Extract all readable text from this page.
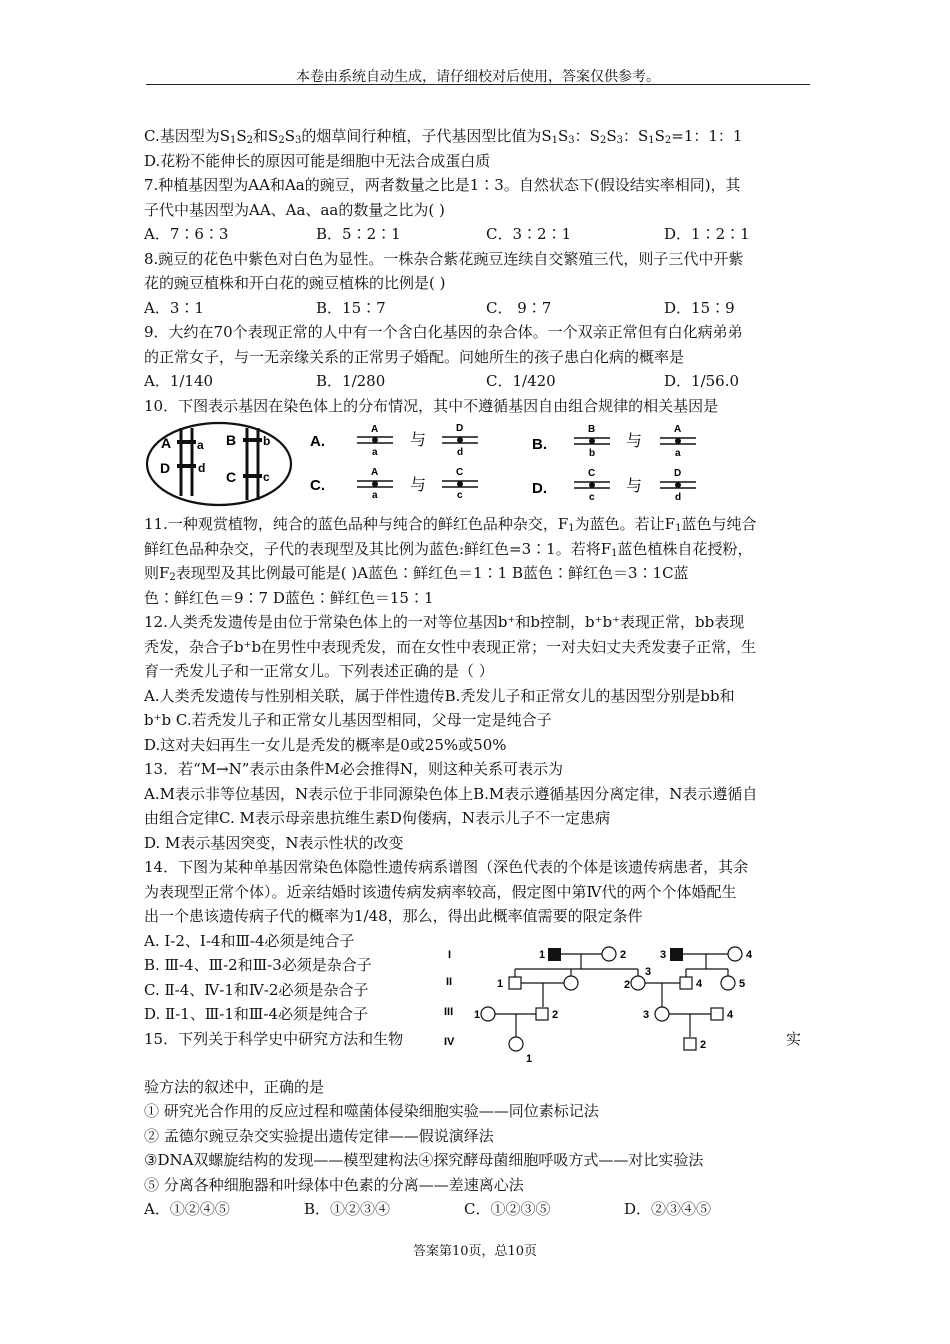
本卷由系统自动生成，请仔细校对后使用，答案仅供参考。
C.基因型为$S_1S_2$和$S_2S_3$的烟草间行种植，子代基因型比值为$S_1S_3$：$S_2S_3$：$S_1S_2=1$：1：1
D.花粉不能伸长的原因可能是细胞中无法合成蛋白质
7.种植基因型为AA和Aa的豌豆，两者数量之比是1∶3。自然状态下(假设结实率相同)，其
子代中基因型为AA、Aa、aa的数量之比为( )
A．7∶6∶3	B．5∶2∶1	C．3∶2∶1	D．1∶2∶1
8.豌豆的花色中紫色对白色为显性。一株杂合紫花豌豆连续自交繁殖三代，则子三代中开紫
花的豌豆植株和开白花的豌豆植株的比例是( )
A．3∶1	B．15∶7	C． 9∶7	D．15∶9
9．大约在70个表现正常的人中有一个含白化基因的杂合体。一个双亲正常但有白化病弟弟
的正常女子，与一无亲缘关系的正常男子婚配。问她所生的孩子患白化病的概率是
A．1/140	B．1/280	C．1/420	D．1/56.0
10．下图表示基因在染色体上的分布情况，其中不遵循基因自由组合规律的相关基因是
A a B b
D d
C c
A.
A
a
与
D
d	B.
B
b
与
A
a
C.
A
a
与
C
c	D.
C
c
与
D
d
11.一种观赏植物，纯合的蓝色品种与纯合的鲜红色品种杂交，$F_1$为蓝色。若让$F_1$蓝色与纯合
鲜红色品种杂交，子代的表现型及其比例为蓝色:鲜红色=3∶1。若将$F_1$蓝色植株自花授粉，
则$F_2$表现型及其比例最可能是( )A蓝色∶鲜红色＝1∶1 B蓝色∶鲜红色＝3∶1C蓝
色∶鲜红色＝9∶7 D蓝色∶鲜红色＝15∶1
12.人类秃发遗传是由位于常染色体上的一对等位基因b⁺和b控制，b⁺b⁺表现正常，bb表现
秃发，杂合子b⁺b在男性中表现秃发，而在女性中表现正常；一对夫妇丈夫秃发妻子正常，生
育一秃发儿子和一正常女儿。下列表述正确的是（ ）
A.人类秃发遗传与性别相关联，属于伴性遗传B.秃发儿子和正常女儿的基因型分别是bb和
b⁺b C.若秃发儿子和正常女儿基因型相同，父母一定是纯合子
D.这对夫妇再生一女儿是秃发的概率是0或25%或50%
13．若“M→N”表示由条件M必会推得N，则这种关系可表示为
A.M表示非等位基因，N表示位于非同源染色体上B.M表示遵循基因分离定律，N表示遵循自
由组合定律C. M表示母亲患抗维生素D佝偻病，N表示儿子不一定患病
D. M表示基因突变，N表示性状的改变
14．下图为某种单基因常染色体隐性遗传病系谱图（深色代表的个体是该遗传病患者，其余
为表现型正常个体）。近亲结婚时该遗传病发病率较高，假定图中第Ⅳ代的两个个体婚配生
出一个患该遗传病子代的概率为1/48，那么，得出此概率值需要的限定条件
A. Ⅰ-2、Ⅰ-4和Ⅲ-4必须是纯合子
B. Ⅲ-4、Ⅲ-2和Ⅲ-3必须是杂合子
C. Ⅱ-4、Ⅳ-1和Ⅳ-2必须是杂合子
D. Ⅱ-1、Ⅲ-1和Ⅲ-4必须是纯合子
15．下列关于科学史中研究方法和生物
I
II
III
IV
1	2	3	4
1	2
3
4	5
1	2	3	4
1
2	实
验方法的叙述中，正确的是
① 研究光合作用的反应过程和噬菌体侵染细胞实验——同位素标记法
② 孟德尔豌豆杂交实验提出遗传定律——假说演绎法
③DNA双螺旋结构的发现——模型建构法④探究酵母菌细胞呼吸方式——对比实验法
⑤ 分离各种细胞器和叶绿体中色素的分离——差速离心法
A．①②④⑤	B．①②③④	C．①②③⑤	D．②③④⑤
答案第10页，总10页
